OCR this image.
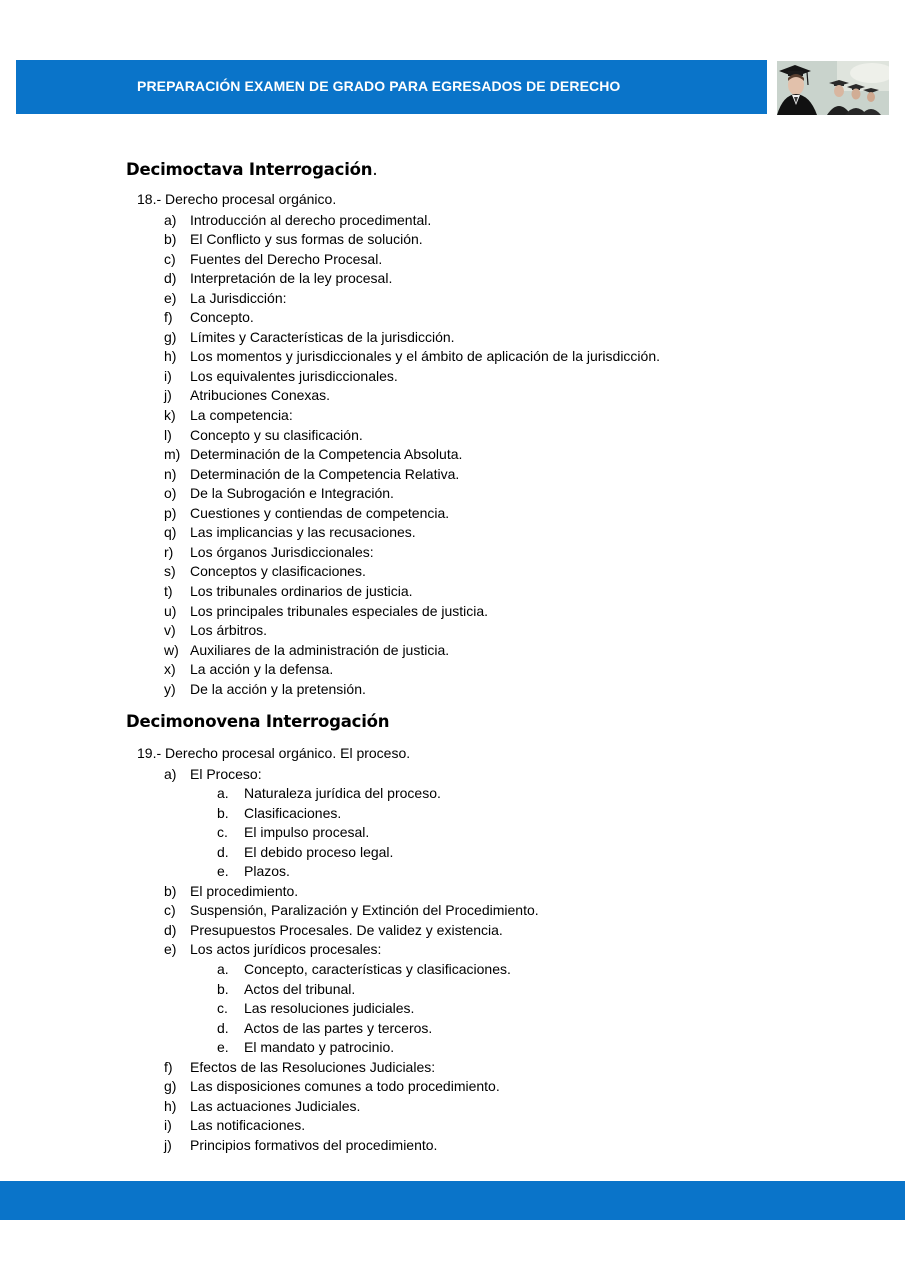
PREPARACIÓN EXAMEN DE GRADO PARA EGRESADOS DE DERECHO
Decimoctava Interrogación.
18.- Derecho procesal orgánico.
a) Introducción al derecho procedimental.
b) El Conflicto y sus formas de solución.
c) Fuentes del Derecho Procesal.
d) Interpretación de la ley procesal.
e) La Jurisdicción:
f) Concepto.
g) Límites y Características de la jurisdicción.
h) Los momentos y jurisdiccionales y el ámbito de aplicación de la jurisdicción.
i) Los equivalentes jurisdiccionales.
j) Atribuciones Conexas.
k) La competencia:
l) Concepto y su clasificación.
m) Determinación de la Competencia Absoluta.
n) Determinación de la Competencia Relativa.
o) De la Subrogación e Integración.
p) Cuestiones y contiendas de competencia.
q) Las implicancias y las recusaciones.
r) Los órganos Jurisdiccionales:
s) Conceptos y clasificaciones.
t) Los tribunales ordinarios de justicia.
u) Los principales tribunales especiales de justicia.
v) Los árbitros.
w) Auxiliares de la administración de justicia.
x) La acción y la defensa.
y) De la acción y la pretensión.
Decimonovena Interrogación
19.- Derecho procesal orgánico. El proceso.
a) El Proceso:
a. Naturaleza jurídica del proceso.
b. Clasificaciones.
c. El impulso procesal.
d. El debido proceso legal.
e. Plazos.
b) El procedimiento.
c) Suspensión, Paralización y Extinción del Procedimiento.
d) Presupuestos Procesales. De validez y existencia.
e) Los actos jurídicos procesales:
a. Concepto, características y clasificaciones.
b. Actos del tribunal.
c. Las resoluciones judiciales.
d. Actos de las partes y terceros.
e. El mandato y patrocinio.
f) Efectos de las Resoluciones Judiciales:
g) Las disposiciones comunes a todo procedimiento.
h) Las actuaciones Judiciales.
i) Las notificaciones.
j) Principios formativos del procedimiento.
